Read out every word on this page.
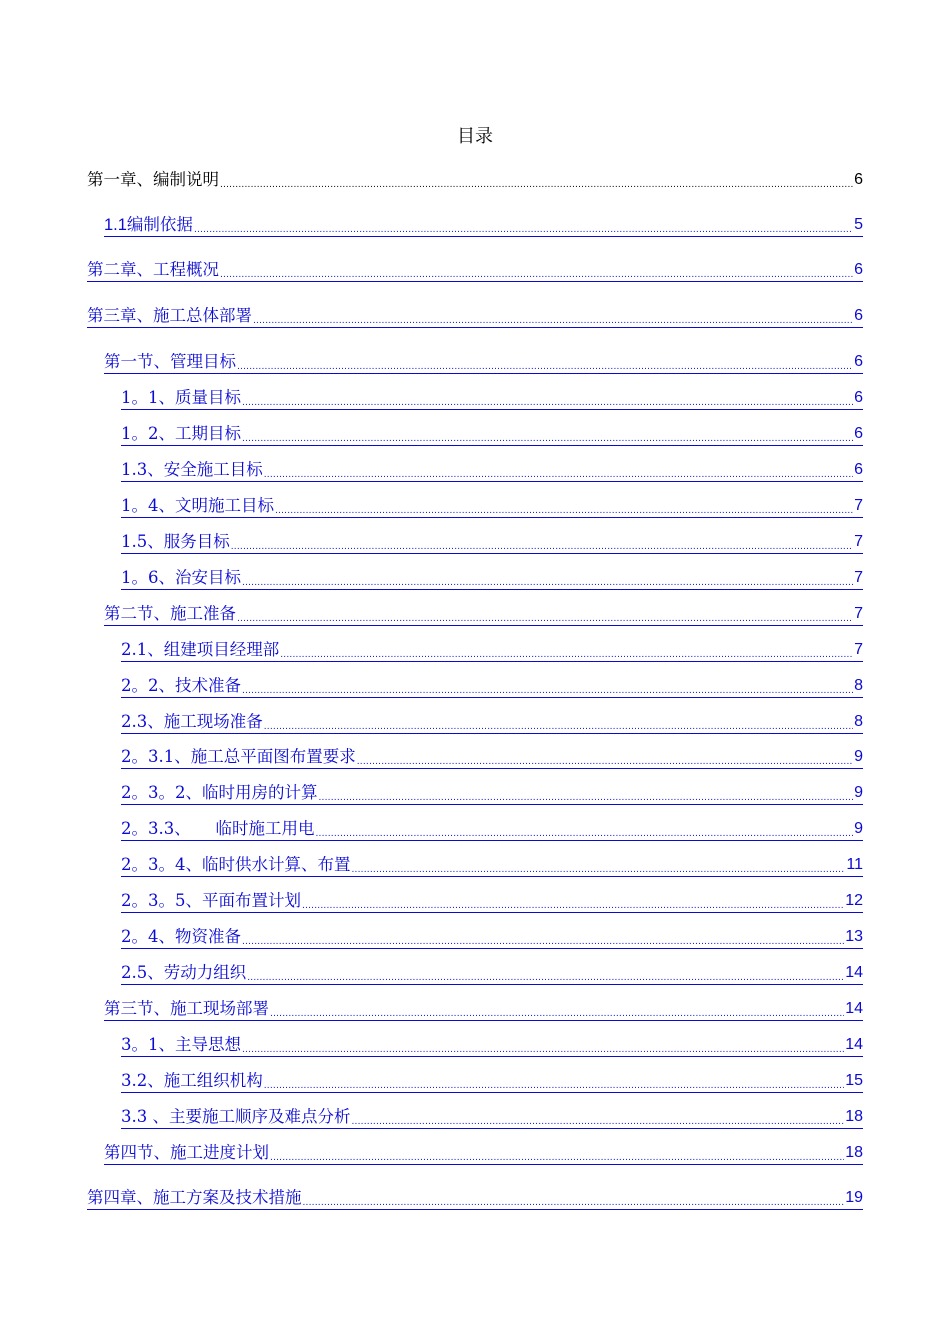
目录
第一章、编制说明 .....	6
1.1编制依据 .....	5
第二章、工程概况 .....	6
第三章、施工总体部署 .....	6
第一节、管理目标 .....	6
1。1、质量目标 .....	6
1。2、工期目标 .....	6
1.3、安全施工目标 .....	6
1。4、文明施工目标 .....	7
1.5、服务目标 .....	7
1。6、治安目标 .....	7
第二节、施工准备 .....	7
2.1、组建项目经理部 .....	7
2。2、技术准备 .....	8
2.3、施工现场准备 .....	8
2。3.1、施工总平面图布置要求 .....	9
2。3。2、临时用房的计算 .....	9
2。3.3、　　临时施工用电 .....	9
2。3。4、临时供水计算、布置 .....	11
2。3。5、平面布置计划 .....	12
2。4、物资准备 .....	13
2.5、劳动力组织 .....	14
第三节、施工现场部署 .....	14
3。1、主导思想 .....	14
3.2、施工组织机构 .....	15
3.3 、主要施工顺序及难点分析 .....	18
第四节、施工进度计划 .....	18
第四章、施工方案及技术措施 .....	19
